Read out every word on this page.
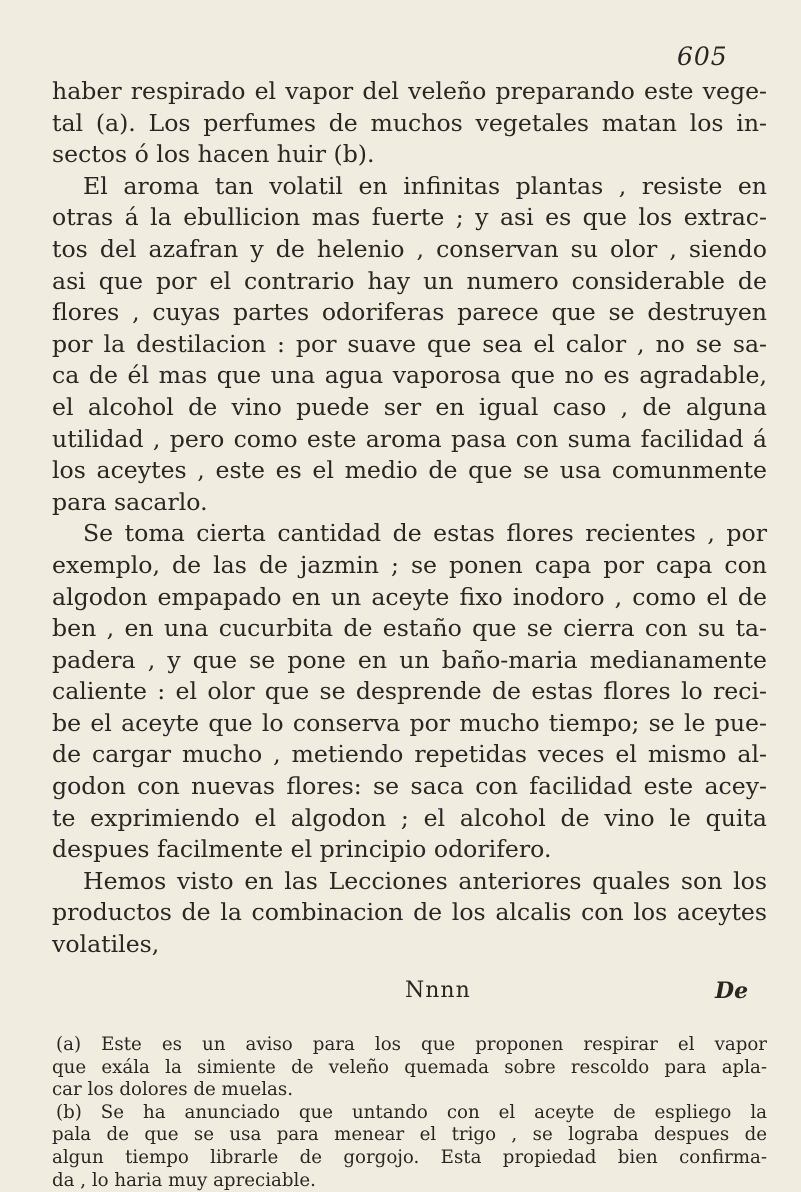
605
haber respirado el vapor del veleño preparando este vege-
tal (a). Los perfumes de muchos vegetales matan los in-
sectos ó los hacen huir (b).
El aroma tan volatil en infinitas plantas , resiste en
otras á la ebullicion mas fuerte ; y asi es que los extrac-
tos del azafran y de helenio , conservan su olor , siendo
asi que por el contrario hay un numero considerable de
flores , cuyas partes odoriferas parece que se destruyen
por la destilacion : por suave que sea el calor , no se sa-
ca de él mas que una agua vaporosa que no es agradable,
el alcohol de vino puede ser en igual caso , de alguna
utilidad , pero como este aroma pasa con suma facilidad á
los aceytes , este es el medio de que se usa comunmente
para sacarlo.
Se toma cierta cantidad de estas flores recientes , por
exemplo, de las de jazmin ; se ponen capa por capa con
algodon empapado en un aceyte fixo inodoro , como el de
ben , en una cucurbita de estaño que se cierra con su ta-
padera , y que se pone en un baño-maria medianamente
caliente : el olor que se desprende de estas flores lo reci-
be el aceyte que lo conserva por mucho tiempo; se le pue-
de cargar mucho , metiendo repetidas veces el mismo al-
godon con nuevas flores: se saca con facilidad este acey-
te exprimiendo el algodon ; el alcohol de vino le quita
despues facilmente el principio odorifero.
Hemos visto en las Lecciones anteriores quales son los
productos de la combinacion de los alcalis con los aceytes
volatiles,
Nnnn	De
(a) Este es un aviso para los que proponen respirar el vapor
que exála la simiente de veleño quemada sobre rescoldo para apla-
car los dolores de muelas.
(b) Se ha anunciado que untando con el aceyte de espliego la
pala de que se usa para menear el trigo , se lograba despues de
algun tiempo librarle de gorgojo. Esta propiedad bien confirma-
da , lo haria muy apreciable.
